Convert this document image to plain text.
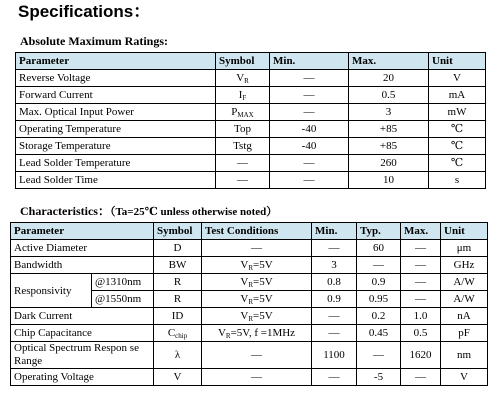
Specifications：
Absolute Maximum Ratings:
Parameter	Symbol	Min.	Max.	Unit
Reverse Voltage	$V_R$	—	20	V
Forward Current	$I_F$	—	0.5	mA
Max. Optical Input Power	$P_{MAX}$	—	3	mW
Operating Temperature	Top	-40	+85	℃
Storage Temperature	Tstg	-40	+85	℃
Lead Solder Temperature	—	—	260	℃
Lead Solder Time	—	—	10	s
Characteristics：（Ta=25℃ unless otherwise noted）
Parameter		Symbol	Test Conditions	Min.	Typ.	Max.	Unit
Active Diameter		D	—	—	60	—	μm
Bandwidth		BW	$V_R=5V$	3	—	—	GHz
Responsivity	@1310nm	R	$V_R=5V$	0.8	0.9	—	A/W
	@1550nm	R	$V_R=5V$	0.9	0.95	—	A/W
Dark Current		ID	$V_R=5V$	—	0.2	1.0	nA
Chip Capacitance		$C_{chip}$	$V_R=5V$, f =1MHz	—	0.45	0.5	pF
Optical Spectrum Respon se Range		λ	—	1100	—	1620	nm
Operating Voltage		V	—	—	-5	—	V
